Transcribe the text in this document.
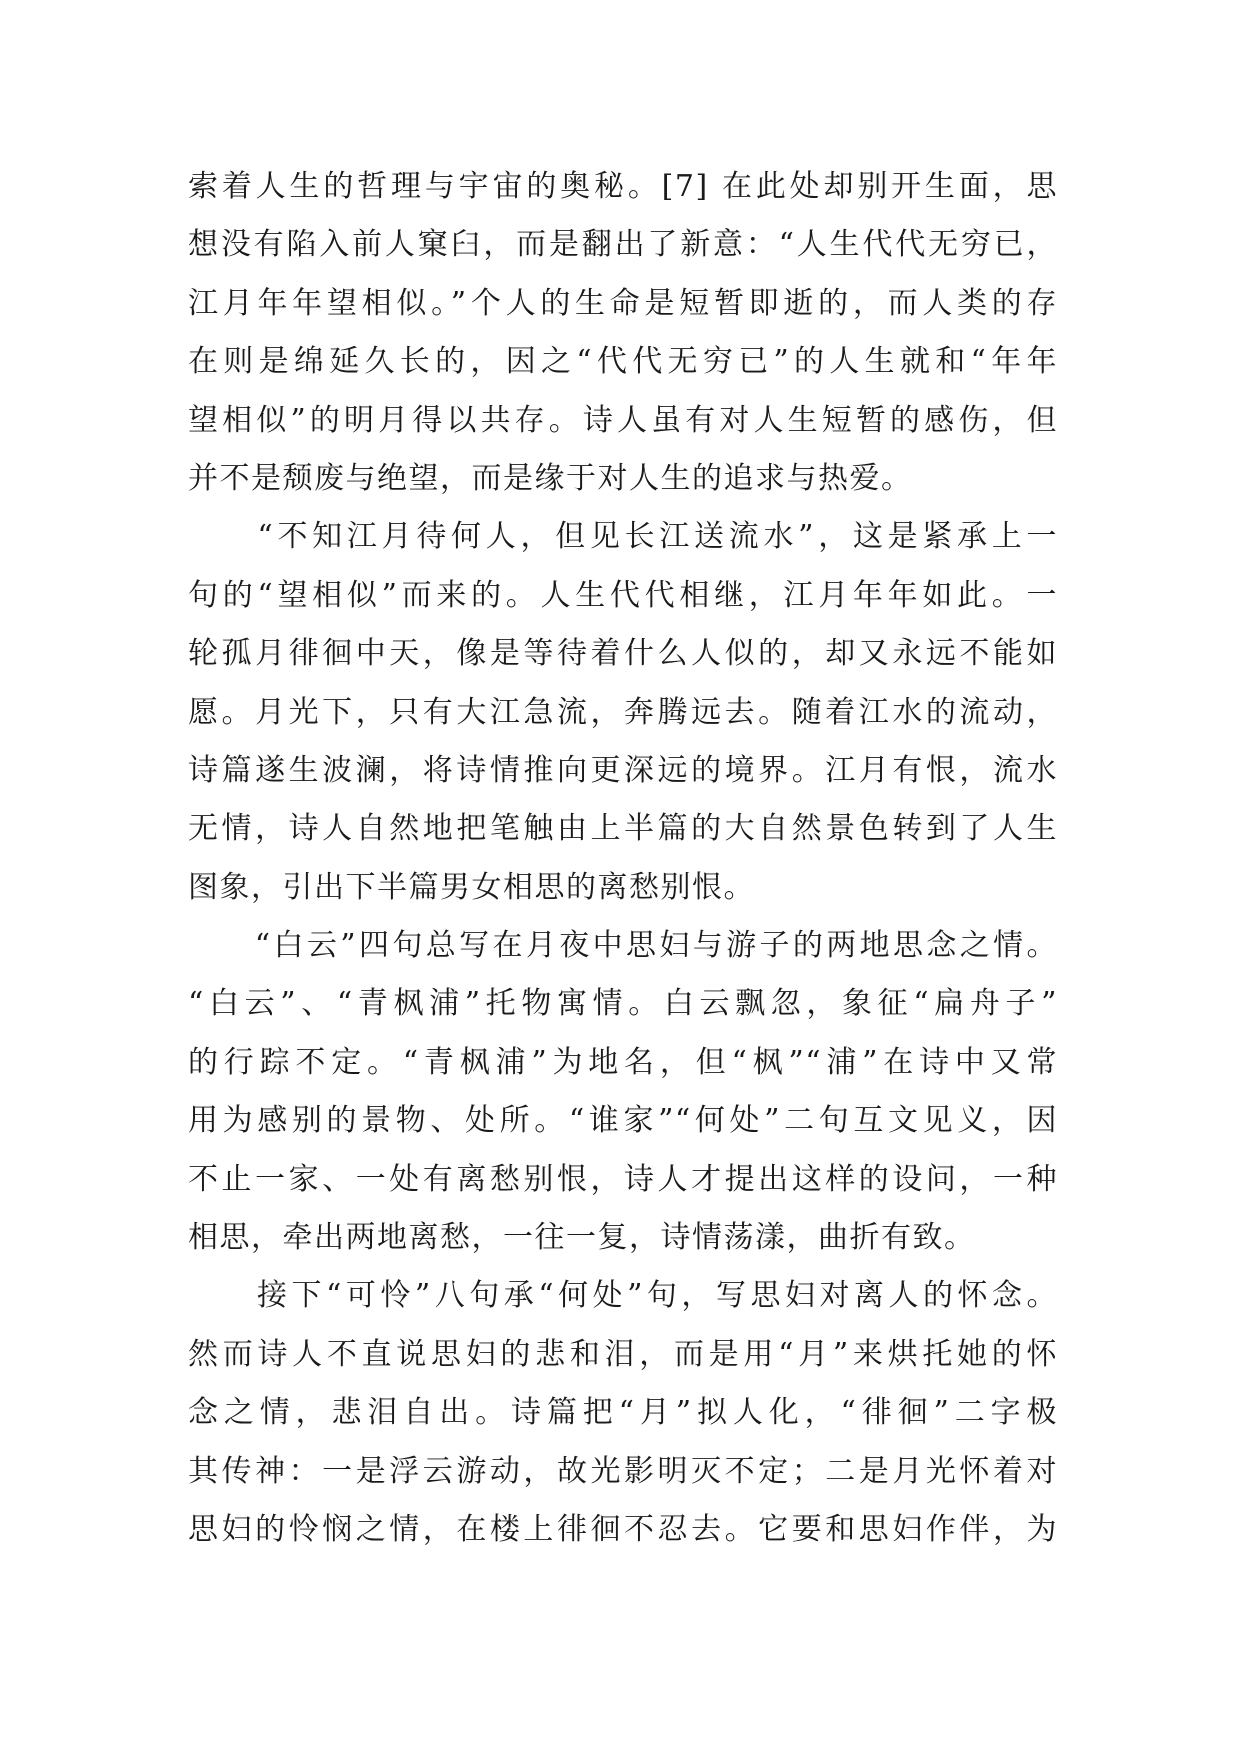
索着人生的哲理与宇宙的奥秘。[7] 在此处却别开生面，思
想没有陷入前人窠臼，而是翻出了新意：“人生代代无穷已，
江月年年望相似。”个人的生命是短暂即逝的，而人类的存
在则是绵延久长的，因之“代代无穷已”的人生就和“年年
望相似”的明月得以共存。诗人虽有对人生短暂的感伤，但
并不是颓废与绝望，而是缘于对人生的追求与热爱。
　　“不知江月待何人，但见长江送流水”，这是紧承上一
句的“望相似”而来的。人生代代相继，江月年年如此。一
轮孤月徘徊中天，像是等待着什么人似的，却又永远不能如
愿。月光下，只有大江急流，奔腾远去。随着江水的流动，
诗篇遂生波澜，将诗情推向更深远的境界。江月有恨，流水
无情，诗人自然地把笔触由上半篇的大自然景色转到了人生
图象，引出下半篇男女相思的离愁别恨。
　　“白云”四句总写在月夜中思妇与游子的两地思念之情。
“白云”、“青枫浦”托物寓情。白云飘忽，象征“扁舟子”
的行踪不定。“青枫浦”为地名，但“枫”“浦”在诗中又常
用为感别的景物、处所。“谁家”“何处”二句互文见义，因
不止一家、一处有离愁别恨，诗人才提出这样的设问，一种
相思，牵出两地离愁，一往一复，诗情荡漾，曲折有致。
　　接下“可怜”八句承“何处”句，写思妇对离人的怀念。
然而诗人不直说思妇的悲和泪，而是用“月”来烘托她的怀
念之情，悲泪自出。诗篇把“月”拟人化，“徘徊”二字极
其传神：一是浮云游动，故光影明灭不定；二是月光怀着对
思妇的怜悯之情，在楼上徘徊不忍去。它要和思妇作伴，为
